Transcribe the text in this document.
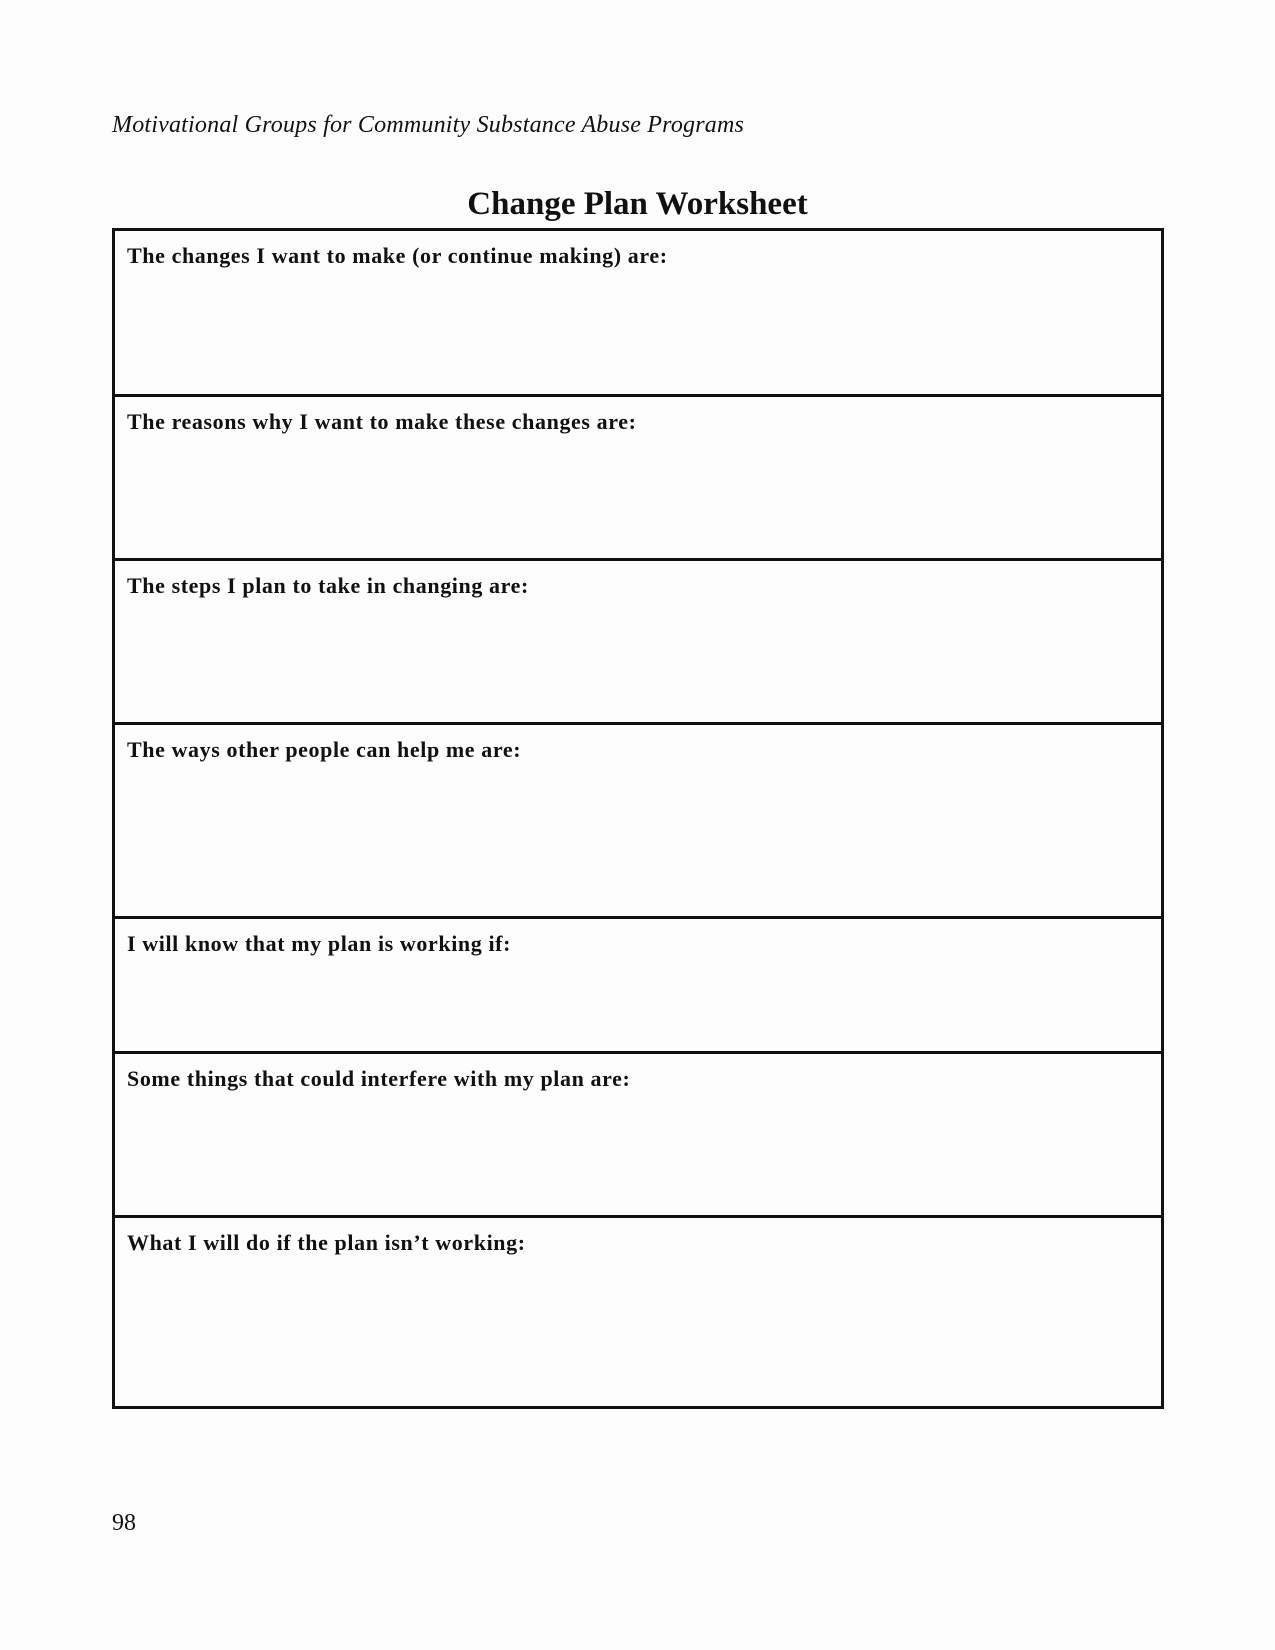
Motivational Groups for Community Substance Abuse Programs
Change Plan Worksheet
The changes I want to make (or continue making) are:
The reasons why I want to make these changes are:
The steps I plan to take in changing are:
The ways other people can help me are:
I will know that my plan is working if:
Some things that could interfere with my plan are:
What I will do if the plan isn’t working:
98
